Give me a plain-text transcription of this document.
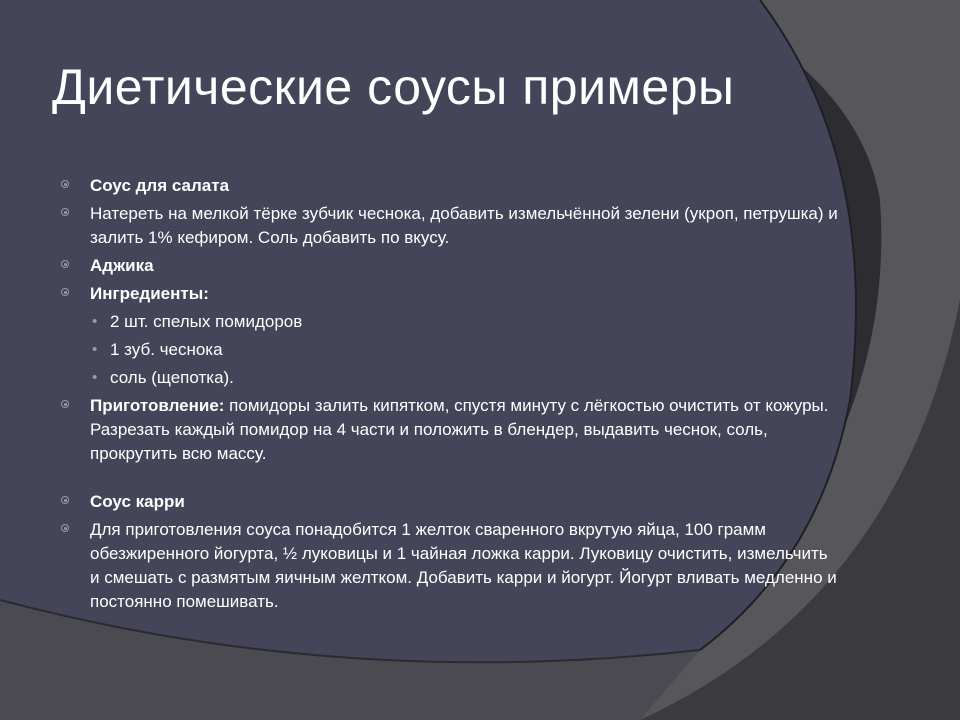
Диетические соусы примеры
Соус для салата
Натереть на мелкой тёрке зубчик чеснока, добавить измельчённой зелени (укроп, петрушка) и залить 1% кефиром. Соль добавить по вкусу.
Аджика
Ингредиенты:
• 2 шт. спелых помидоров
• 1 зуб. чеснока
• соль (щепотка).
Приготовление: помидоры залить кипятком, спустя минуту с лёгкостью очистить от кожуры. Разрезать каждый помидор на 4 части и положить в блендер, выдавить чеснок, соль, прокрутить всю массу.
Соус карри
Для приготовления соуса понадобится 1 желток сваренного вкрутую яйца, 100 грамм обезжиренного йогурта, ½ луковицы и 1 чайная ложка карри. Луковицу очистить, измельчить и смешать с размятым яичным желтком. Добавить карри и йогурт. Йогурт вливать медленно и постоянно помешивать.
